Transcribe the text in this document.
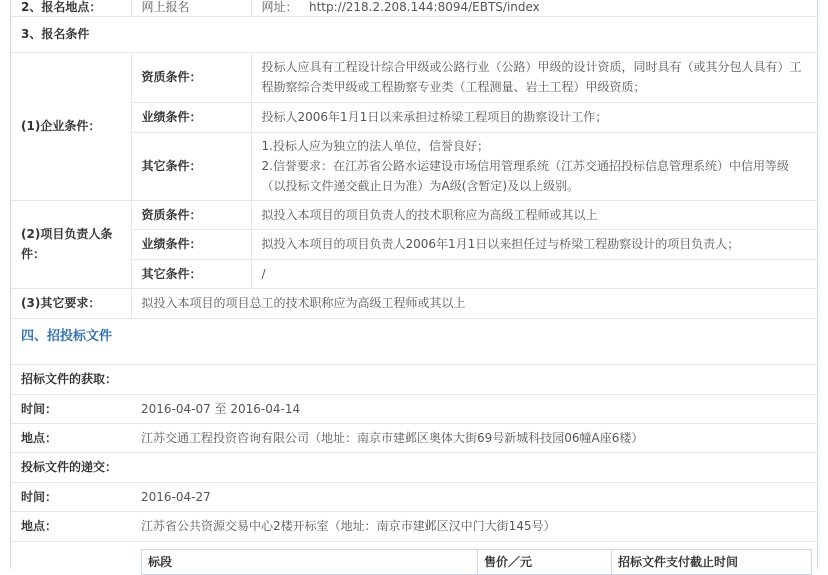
2、报名地点：	网上报名	网址： http://218.2.208.144:8094/EBTS/index
3、报名条件		
(1)企业条件：	资质条件：	投标人应具有工程设计综合甲级或公路行业（公路）甲级的设计资质，同时具有（或其分包人具有）工程勘察综合类甲级或工程勘察专业类（工程测量、岩土工程）甲级资质；
	业绩条件：	投标人2006年1月1日以来承担过桥梁工程项目的勘察设计工作；
	其它条件：	1.投标人应为独立的法人单位，信誉良好；
2.信誉要求：在江苏省公路水运建设市场信用管理系统（江苏交通招投标信息管理系统）中信用等级（以投标文件递交截止日为准）为A级(含暂定)及以上级别。

(2)项目负责人条件：	资质条件：	拟投入本项目的项目负责人的技术职称应为高级工程师或其以上
	业绩条件：	拟投入本项目的项目负责人2006年1月1日以来担任过与桥梁工程勘察设计的项目负责人；
	其它条件：	/
(3)其它要求：	拟投入本项目的项目总工的技术职称应为高级工程师或其以上	
四、招投标文件		
招标文件的获取：		
时间：	2016-04-07 至 2016-04-14	
地点：	江苏交通工程投资咨询有限公司（地址：南京市建邺区奥体大街69号新城科技园06幢A座6楼）	
投标文件的递交：		
时间：	2016-04-27	
地点：	江苏省公共资源交易中心2楼开标室（地址：南京市建邺区汉中门大街145号）	
标段	售价／元	招标文件支付截止时间
